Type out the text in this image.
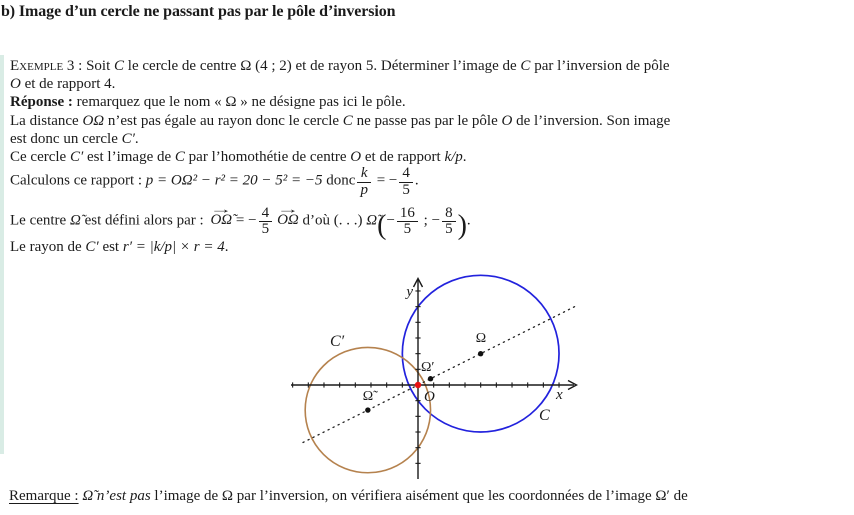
b) Image d’un cercle ne passant pas par le pôle d’inversion

Exemple 3 : Soit C le cercle de centre Ω (4 ; 2) et de rayon 5. Déterminer l’image de C par l’inversion de pôle

O et de rapport 4.

Réponse : remarquez que le nom « Ω » ne désigne pas ici le pôle.

La distance OΩ n’est pas égale au rayon donc le cercle C ne passe pas par le pôle O de l’inversion. Son image

est donc un cercle C′.

Ce cercle C′ est l’image de C par l’homothétie de centre O et de rapport k/p.

Calculons ce rapport : p = OΩ² − r² = 20 − 5² = −5 donc $\frac{k}{p}$ = − $\frac{4}{5}$ .

Le centre Ω̃ est défini alors par :
→
OΩ̃ = − $\frac{4}{5}$ →
OΩ d’où (. . .) Ω̃(− $\frac{16}{5}$ ; − $\frac{8}{5}$ ).

Le rayon de C′ est r′ = |k/p| × r = 4.

y
x
Ω
Ω′
Ω̃	O
C′
C

Remarque : Ω̃ n’est pas l’image de Ω par l’inversion, on vérifiera aisément que les coordonnées de l’image Ω′ de
